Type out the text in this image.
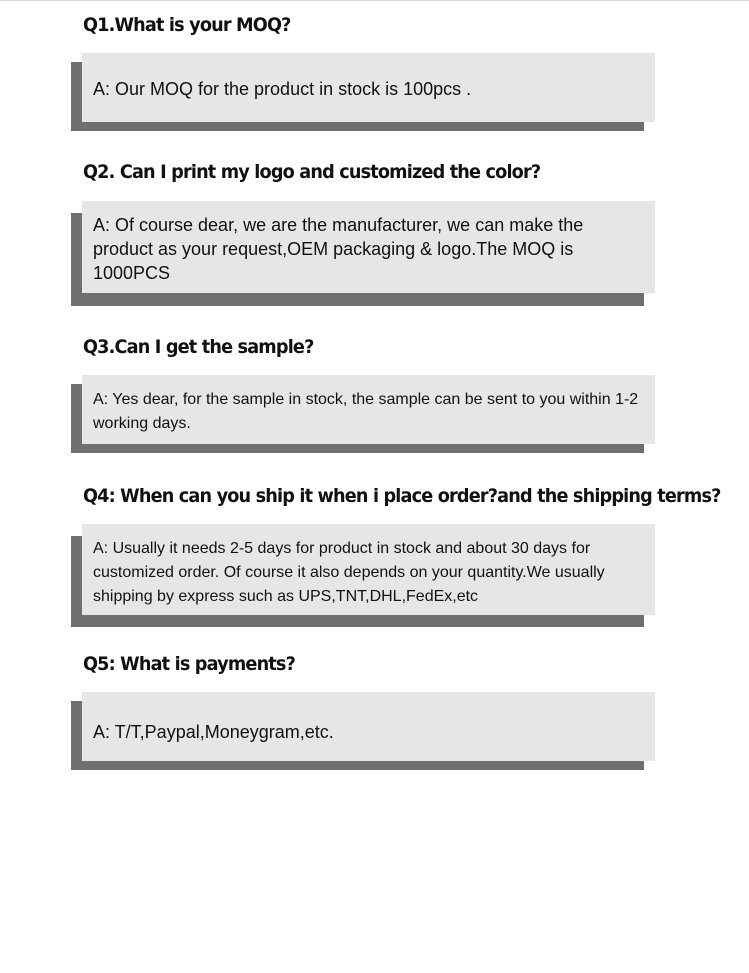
Q1.What is your MOQ?

A: Our MOQ for the product in stock is 100pcs .

Q2. Can I print my logo and customized the color?

A: Of course dear, we are the manufacturer, we can make the product as your request,OEM packaging & logo.The MOQ is 1000PCS

Q3.Can I get the sample?

A: Yes dear, for the sample in stock, the sample can be sent to you within 1-2 working days.

Q4: When can you ship it when i place order?and the shipping terms?

A: Usually it needs 2-5 days for product in stock and about 30 days for customized order. Of course it also depends on your quantity.We usually shipping by express such as UPS,TNT,DHL,FedEx,etc

Q5: What is payments?

A: T/T,Paypal,Moneygram,etc.
